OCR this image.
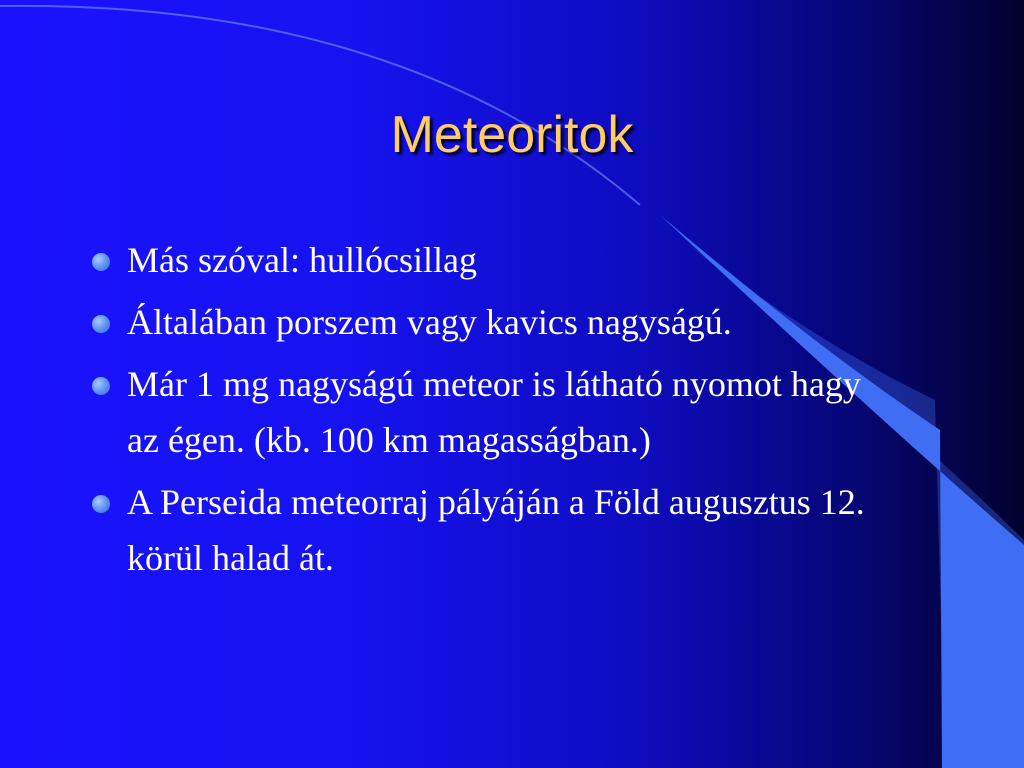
Meteoritok
Más szóval: hullócsillag
Általában porszem vagy kavics nagyságú.
Már 1 mg nagyságú meteor is látható nyomot hagy az égen. (kb. 100 km magasságban.)
A Perseida meteorraj pályáján a Föld augusztus 12. körül halad át.
